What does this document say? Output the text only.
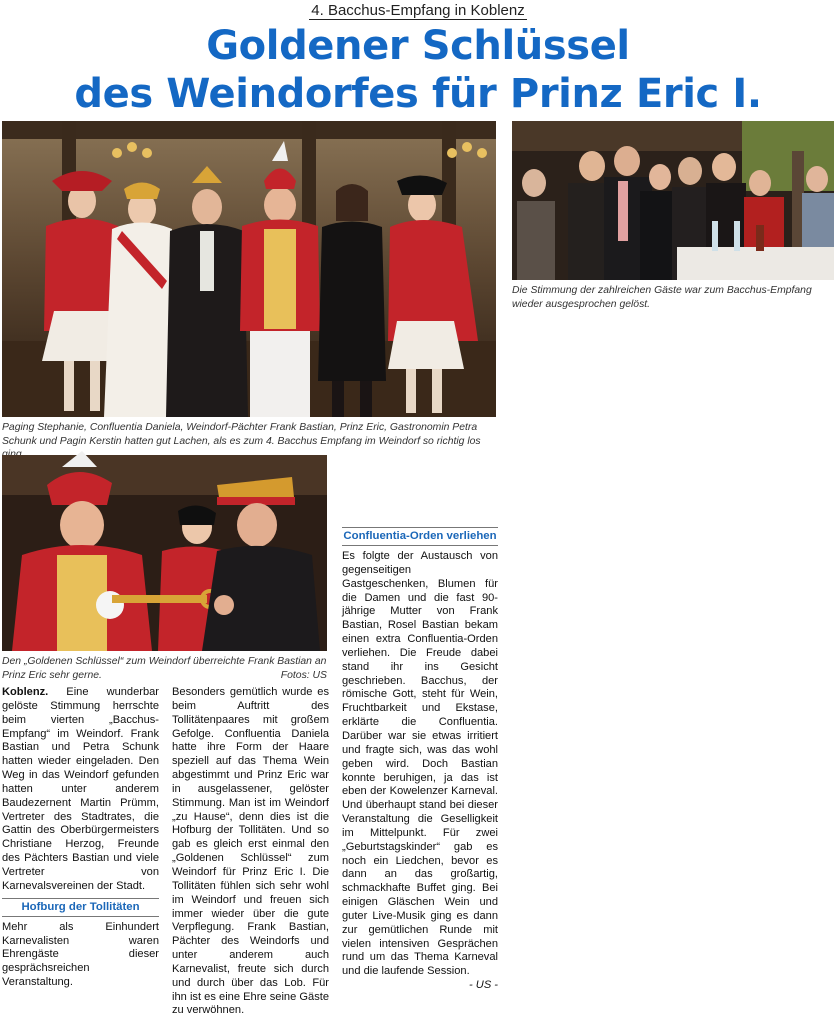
4. Bacchus-Empfang in Koblenz
Goldener Schlüssel
des Weindorfes für Prinz Eric I.
Paging Stephanie, Confluentia Daniela, Weindorf-Pächter Frank Bastian, Prinz Eric, Gastronomin Petra Schunk und Pagin Kerstin hatten gut Lachen, als es zum 4. Bacchus Empfang im Weindorf so richtig los
Die Stimmung der zahlreichen Gäste war zum Bacchus-Empfang wieder ausgesprochen gelöst.
Den „Goldenen Schlüssel“ zum Weindorf überreichte Frank Bastian an Prinz Eric sehr gerne.	Fotos: US

Koblenz. Eine wunderbar gelöste Stimmung herrschte beim vierten „Bacchus-Empfang“ im Weindorf. Frank Bastian und Petra Schunk hatten wieder eingeladen. Den Weg in das Weindorf gefunden hatten unter anderem Baudezernent Martin Prümm, Vertreter des Stadtrates, die Gattin des Oberbürgermeisters Christiane Herzog, Freunde des Pächters Bastian und viele Vertreter von Karnevalsvereinen der Stadt.

Hofburg der Tollitäten

Mehr als Einhundert Karnevalisten waren Ehrengäste dieser gesprächsreichen Veranstaltung.

Besonders gemütlich wurde es beim Auftritt des Tollitätenpaares mit großem Gefolge. Confluentia Daniela hatte ihre Form der Haare speziell auf das Thema Wein abgestimmt und Prinz Eric war in ausgelassener, gelöster Stimmung. Man ist im Weindorf „zu Hause“, denn dies ist die Hofburg der Tollitäten. Und so gab es gleich erst einmal den „Goldenen Schlüssel“ zum Weindorf für Prinz Eric I. Die Tollitäten fühlen sich sehr wohl im Weindorf und freuen sich immer wieder über die gute Verpflegung. Frank Bastian, Pächter des Weindorfs und unter anderem auch Karnevalist, freute sich durch und durch über das Lob. Für ihn ist es eine Ehre seine Gäste zu verwöhnen.

Confluentia-Orden verliehen

Es folgte der Austausch von gegenseitigen Gastgeschenken, Blumen für die Damen und die fast 90-jährige Mutter von Frank Bastian, Rosel Bastian bekam einen extra Confluentia-Orden verliehen. Die Freude dabei stand ihr ins Gesicht geschrieben. Bacchus, der römische Gott, steht für Wein, Fruchtbarkeit und Ekstase, erklärte die Confluentia. Darüber war sie etwas irritiert und fragte sich, was das wohl geben wird. Doch Bastian konnte beruhigen, ja das ist eben der Kowelenzer Karneval. Und überhaupt stand bei dieser Veranstaltung die Geselligkeit im Mittelpunkt. Für zwei „Geburtstagskinder“ gab es noch ein Liedchen, bevor es dann an das großartig, schmackhafte Buffet ging. Bei einigen Gläschen Wein und guter Live-Musik ging es dann zur gemütlichen Runde mit vielen intensiven Gesprächen rund um das Thema Karneval und die laufende Session.

- US -
